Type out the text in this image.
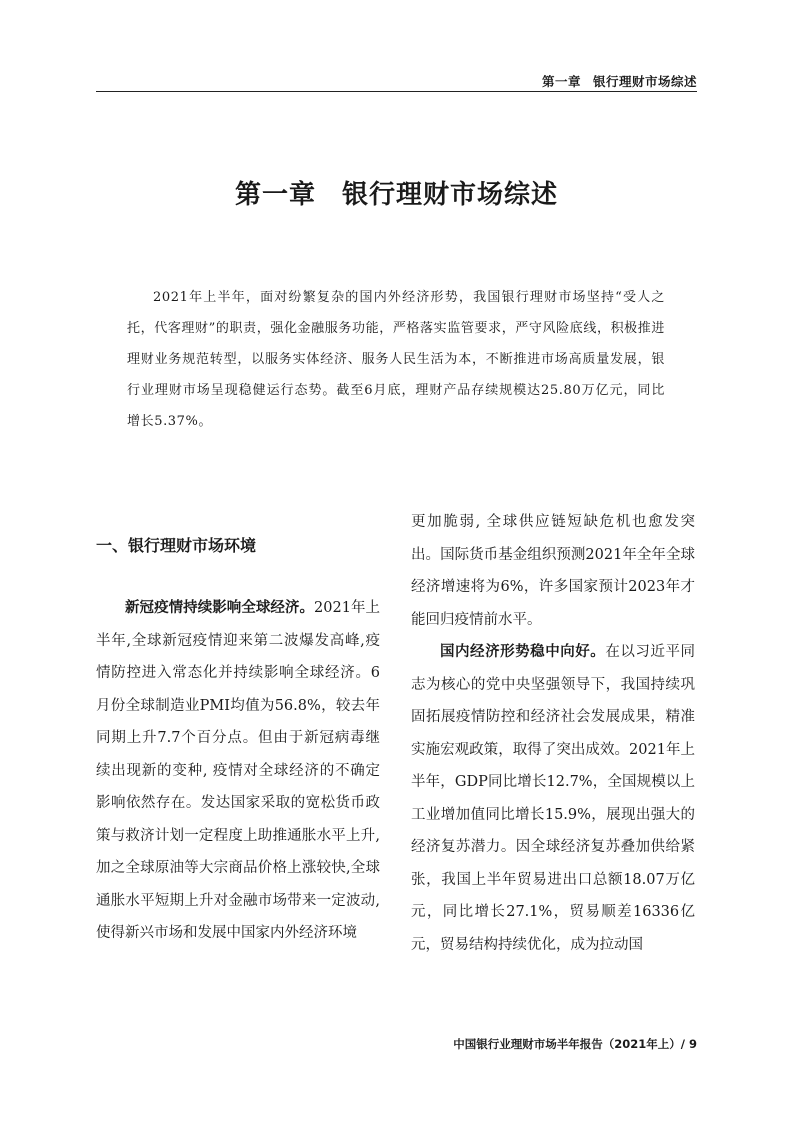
第一章 银行理财市场综述
第一章 银行理财市场综述

2021年上半年，面对纷繁复杂的国内外经济形势，我国银行理财市场坚持“受人之托，代客理财”的职责，强化金融服务功能，严格落实监管要求，严守风险底线，积极推进理财业务规范转型，以服务实体经济、服务人民生活为本，不断推进市场高质量发展，银行业理财市场呈现稳健运行态势。截至6月底，理财产品存续规模达25.80万亿元，同比增长5.37%。

一、银行理财市场环境

新冠疫情持续影响全球经济。2021年上半年,全球新冠疫情迎来第二波爆发高峰,疫情防控进入常态化并持续影响全球经济。6月份全球制造业PMI均值为56.8%，较去年同期上升7.7个百分点。但由于新冠病毒继续出现新的变种, 疫情对全球经济的不确定影响依然存在。发达国家采取的宽松货币政策与救济计划一定程度上助推通胀水平上升,加之全球原油等大宗商品价格上涨较快,全球通胀水平短期上升对金融市场带来一定波动,使得新兴市场和发展中国家内外经济环境

更加脆弱, 全球供应链短缺危机也愈发突出。国际货币基金组织预测2021年全年全球经济增速将为6%，许多国家预计2023年才能回归疫情前水平。

国内经济形势稳中向好。在以习近平同志为核心的党中央坚强领导下，我国持续巩固拓展疫情防控和经济社会发展成果，精准实施宏观政策，取得了突出成效。2021年上半年，GDP同比增长12.7%，全国规模以上工业增加值同比增长15.9%，展现出强大的经济复苏潜力。因全球经济复苏叠加供给紧张，我国上半年贸易进出口总额18.07万亿元，同比增长27.1%，贸易顺差16336亿元，贸易结构持续优化，成为拉动国

中国银行业理财市场半年报告（2021年上）/ 9
